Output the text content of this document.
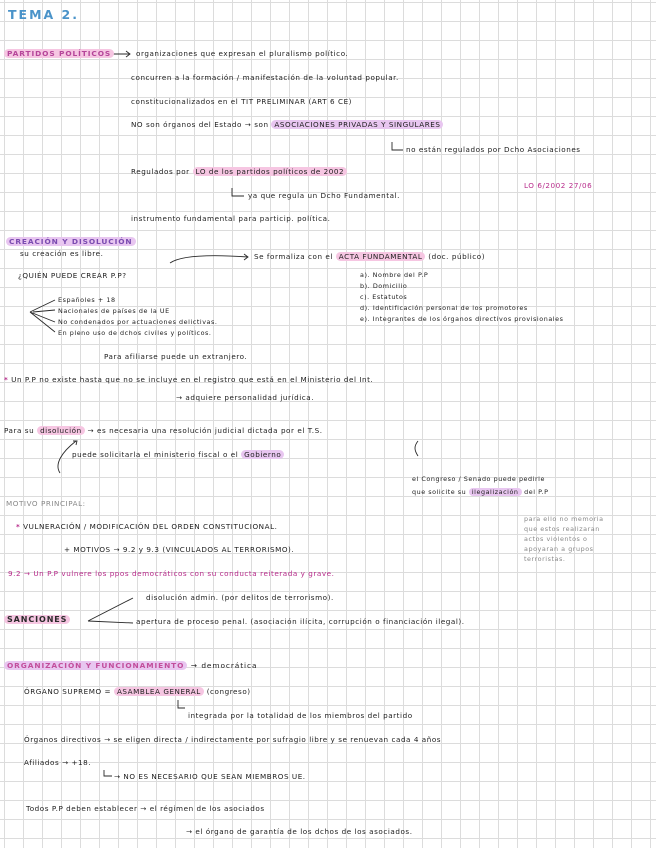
TEMA 2.
PARTIDOS POLÍTICOS	organizaciones que expresan el pluralismo político.
concurren a la formación / manifestación de la voluntad popular.
constitucionalizados en el TIT PRELIMINAR (ART 6 CE)
NO son órganos del Estado → son ASOCIACIONES PRIVADAS Y SINGULARES
no están regulados por Dcho Asociaciones
Regulados por LO de los partidos políticos de 2002
ya que regula un Dcho Fundamental.
LO 6/2002 27/06
instrumento fundamental para particip. política.
CREACIÓN Y DISOLUCIÓN
su creación es libre.	Se formaliza con el ACTA FUNDAMENTAL (doc. público)
¿QUIÉN PUEDE CREAR P.P?
Españoles + 18
Nacionales de países de la UE
No condenados por actuaciones delictivas.
En pleno uso de dchos civiles y políticos.
a). Nombre del P.P
b). Domicilio
c). Estatutos
d). Identificación personal de los promotores
e). Integrantes de los órganos directivos provisionales
Para afiliarse puede un extranjero.
* Un P.P no existe hasta que no se incluye en el registro que está en el Ministerio del Int.
→ adquiere personalidad jurídica.
Para su disolución → es necesaria una resolución judicial dictada por el T.S.
puede solicitarla el ministerio fiscal o el Gobierno
el Congreso / Senado puede pedirle
que solicite su ilegalización del P.P
MOTIVO PRINCIPAL:
* VULNERACIÓN / MODIFICACIÓN DEL ORDEN CONSTITUCIONAL.
+ MOTIVOS → 9.2 y 9.3 (VINCULADOS AL TERRORISMO).
para ello no memoria
que estos realizaran
actos violentos o
apoyaran a grupos
terroristas.
9.2 → Un P.P vulnere los ppos democráticos con su conducta reiterada y grave.
SANCIONES
disolución admin. (por delitos de terrorismo).
apertura de proceso penal. (asociación ilícita, corrupción o financiación ilegal).
ORGANIZACIÓN Y FUNCIONAMIENTO → democrática
ÓRGANO SUPREMO = ASAMBLEA GENERAL (congreso)
integrada por la totalidad de los miembros del partido
Órganos directivos → se eligen directa / indirectamente por sufragio libre y se renuevan cada 4 años
Afiliados → +18.
→ NO ES NECESARIO QUE SEAN MIEMBROS UE.
Todos P.P deben establecer → el régimen de los asociados
→ el órgano de garantía de los dchos de los asociados.
